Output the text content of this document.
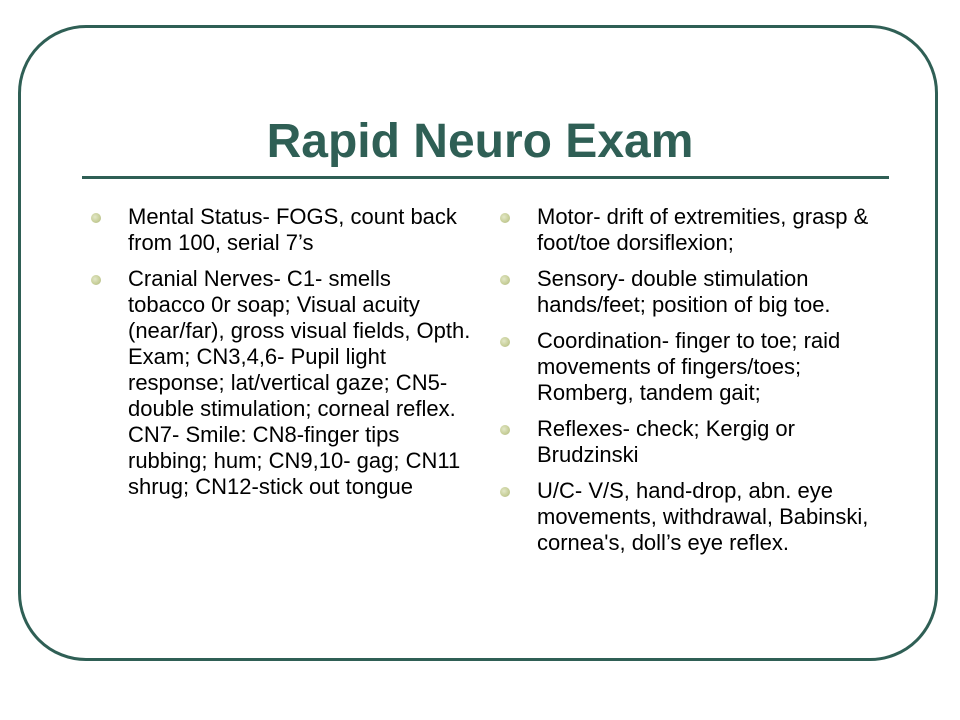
Rapid Neuro Exam
Mental Status- FOGS, count back from 100, serial 7’s
Cranial Nerves- C1- smells tobacco 0r soap; Visual acuity (near/far), gross visual fields, Opth. Exam; CN3,4,6- Pupil light response; lat/vertical gaze; CN5- double stimulation; corneal reflex. CN7- Smile: CN8-finger tips rubbing; hum; CN9,10- gag; CN11 shrug; CN12-stick out tongue
Motor- drift of extremities, grasp & foot/toe dorsiflexion;
Sensory- double stimulation hands/feet; position of big toe.
Coordination- finger to toe; raid movements of fingers/toes; Romberg, tandem gait;
Reflexes- check; Kergig or Brudzinski
U/C- V/S, hand-drop, abn. eye movements, withdrawal, Babinski, cornea's, doll’s eye reflex.
